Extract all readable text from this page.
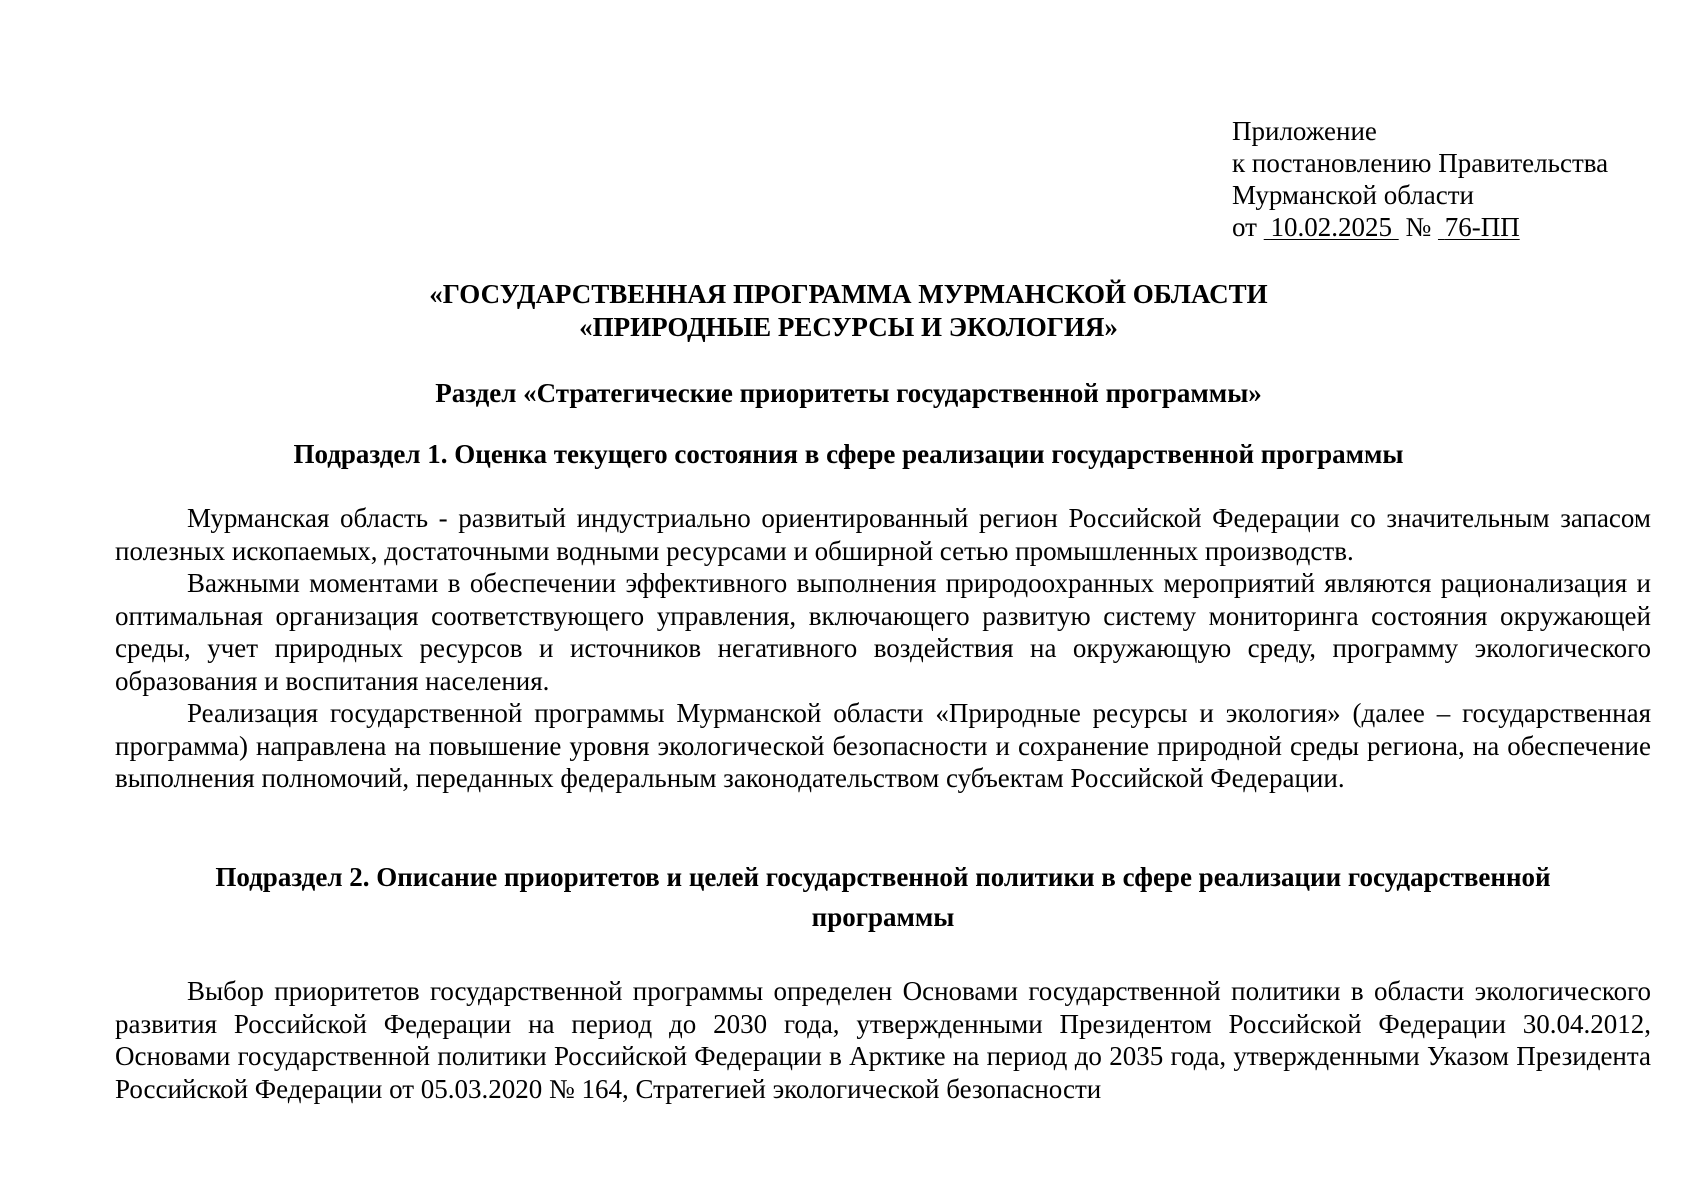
Приложение
к постановлению Правительства
Мурманской области
от 10.02.2025 № 76-ПП
«ГОСУДАРСТВЕННАЯ ПРОГРАММА МУРМАНСКОЙ ОБЛАСТИ
«ПРИРОДНЫЕ РЕСУРСЫ И ЭКОЛОГИЯ»
Раздел «Стратегические приоритеты государственной программы»
Подраздел 1. Оценка текущего состояния в сфере реализации государственной программы

Мурманская область - развитый индустриально ориентированный регион Российской Федерации со значительным запасом полезных ископаемых, достаточными водными ресурсами и обширной сетью промышленных производств.

Важными моментами в обеспечении эффективного выполнения природоохранных мероприятий являются рационализация и оптимальная организация соответствующего управления, включающего развитую систему мониторинга состояния окружающей среды, учет природных ресурсов и источников негативного воздействия на окружающую среду, программу экологического образования и воспитания населения.

Реализация государственной программы Мурманской области «Природные ресурсы и экология» (далее – государственная программа) направлена на повышение уровня экологической безопасности и сохранение природной среды региона, на обеспечение выполнения полномочий, переданных федеральным законодательством субъектам Российской Федерации.

Подраздел 2. Описание приоритетов и целей государственной политики в сфере реализации государственной
программы

Выбор приоритетов государственной программы определен Основами государственной политики в области экологического развития Российской Федерации на период до 2030 года, утвержденными Президентом Российской Федерации 30.04.2012, Основами государственной политики Российской Федерации в Арктике на период до 2035 года, утвержденными Указом Президента Российской Федерации от 05.03.2020 № 164, Стратегией экологической безопасности
